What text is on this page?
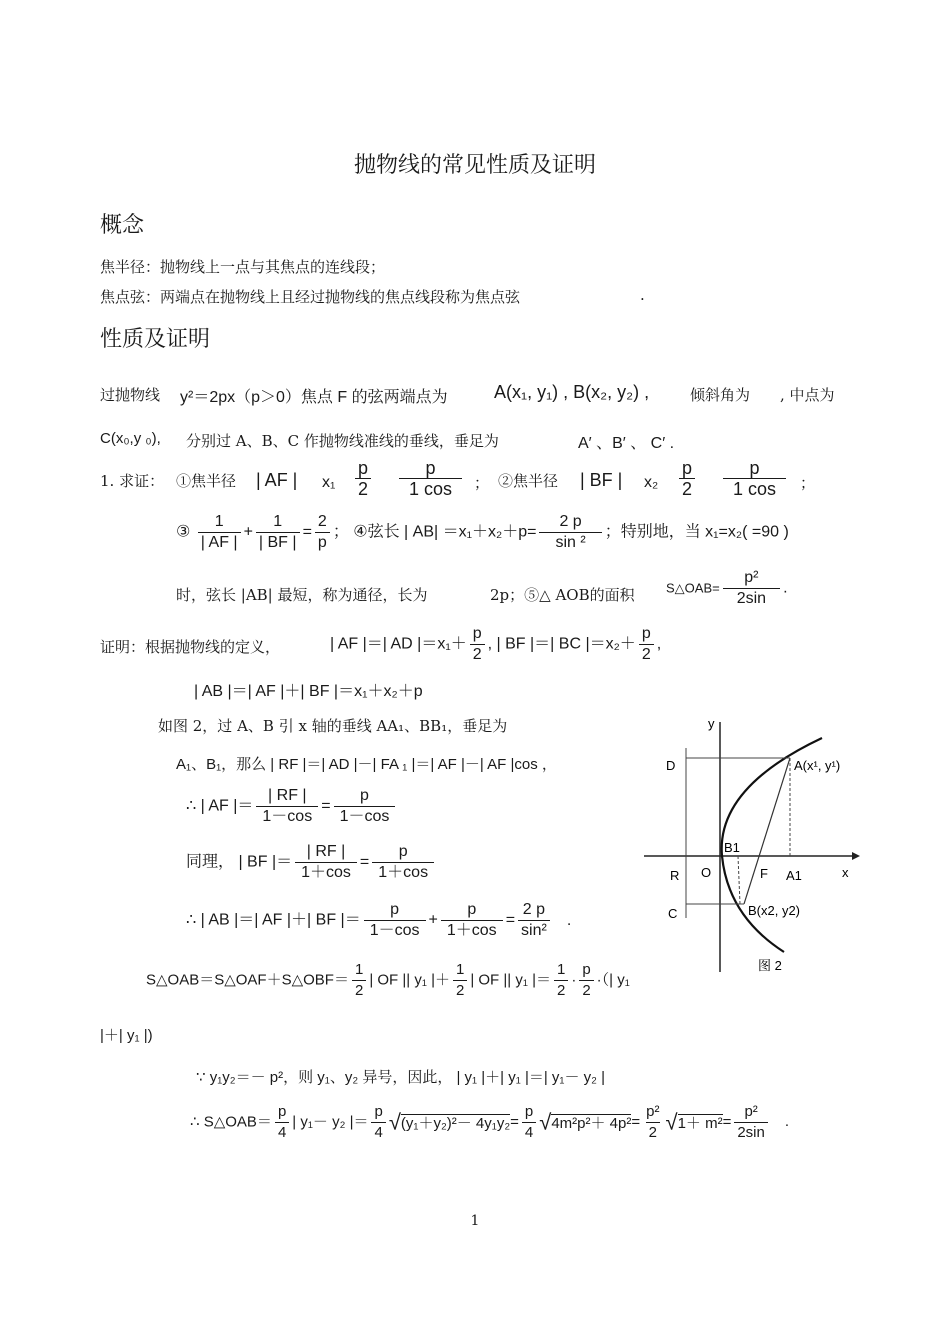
抛物线的常见性质及证明
概念
焦半径：抛物线上一点与其焦点的连线段；
焦点弦：两端点在抛物线上且经过抛物线的焦点线段称为焦点弦	.
性质及证明
过抛物线 y²＝2px（p＞0）焦点 F 的弦两端点为	A(x₁, y₁) , B(x₂, y₂) ,	倾斜角为 , 中点为
C(x₀,y ₀), 分别过 A、B、C 作抛物线准线的垂线，垂足为	A′ 、B′ 、 C′ .
1. 求证： ①焦半径 | AF | $x_1 \frac{p}{2}$
$\frac{p}{1 \cos}$ ； ②焦半径 | BF | $x_2 \frac{p}{2}$
$\frac{p}{1 \cos}$ ；
③ $\frac{1}{| AF |} + \frac{1}{| BF |} = \frac{2}{p}$ ； ④弦长 | $AB| =x_1+x_2+p= \frac{2 p}{\text{sin ²}}$ ；特别地，当 x₁=x₂( =90 )
时，弦长 |AB| 最短，称为通径，长为	2p；⑤△ AOB的面积 S△OAB= $\frac{\text{p²}}{2\sin}$ .
证明：根据抛物线的定义，	| AF |＝| AD $|=x_1+ \frac{p}{2}$ , | BF |＝| BC $|=x_2+ \frac{p}{2}$ ,
| AB |＝| AF |＋| BF |＝x₁＋x₂＋p
如图 2，过 A、B 引 x 轴的垂线 AA₁、BB₁，垂足为
A₁、B₁，那么 | RF |＝| AD |－| FA ₁ |＝| AF |－| AF |cos ，
∴ | AF |＝ $\frac{| RF |}{1-\cos} = \frac{p}{1-\cos}$
同理， | BF |＝ $\frac{| RF |}{1+\cos} = \frac{p}{1+\cos}$
∴ | AB |＝| AF |＋| BF |＝ $\frac{p}{1-\cos} + \frac{p}{1+\cos} = \frac{2 p}{\text{sin²}}$ .
S△OAB＝S△OAF＋S△OBF＝ $\frac{1}{2}$ | OF || y₁ |＋ $\frac{1}{2}$ | OF || y₁ |＝ $\frac{1}{2} \cdot \frac{p}{2}$ ·（| y₁
|＋| y₁ |)
∵ y₁y₂＝－ p²，则 y₁、y₂ 异号，因此， | y₁ |＋| y₁ |＝| y₁－ y₂ |
∴ S△OAB＝ $\frac{p}{4}$ | y₁－ y₂ |＝ $\frac{p}{4} √(y_1+y_2)^2- 4y_1y_2= \frac{p}{4} √4m^2p^2+ 4p^2= \frac{\text{p²}}{2} √1+ m^2= \frac{\text{p²}}{2\sin}$ .
y
x
D	A(x¹, y¹)
B1
R O	F A1
C	B(x2, y2)
图 2
1
